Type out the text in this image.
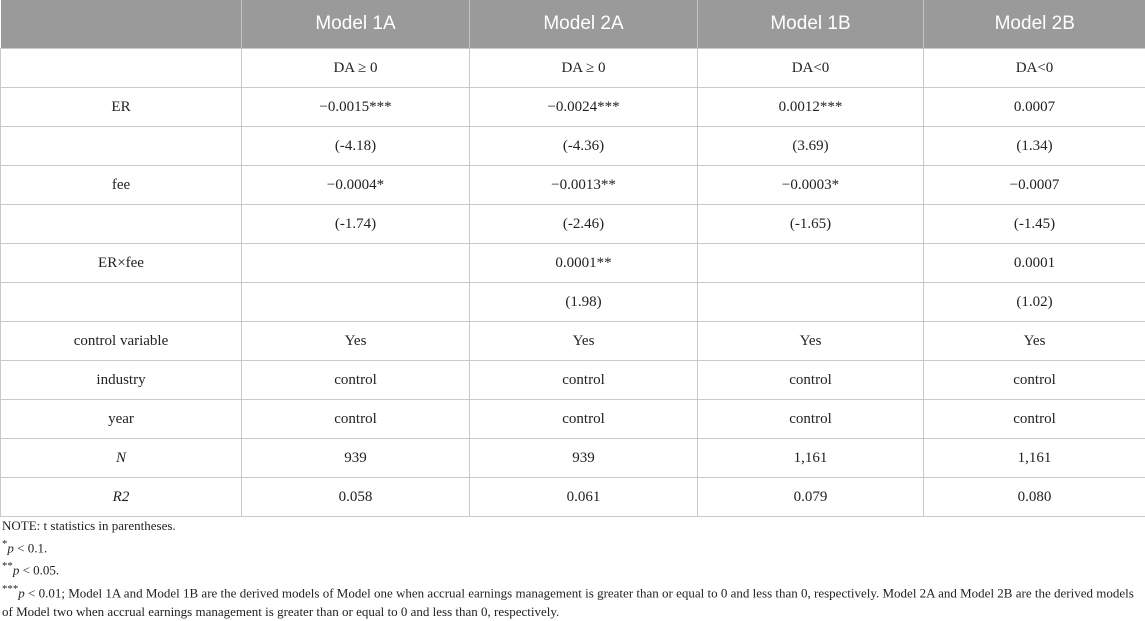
	Model 1A	Model 2A	Model 1B	Model 2B
	DA ≥ 0	DA ≥ 0	DA<0	DA<0
ER	−0.0015***	−0.0024***	0.0012***	0.0007
	(-4.18)	(-4.36)	(3.69)	(1.34)
fee	−0.0004*	−0.0013**	−0.0003*	−0.0007
	(-1.74)	(-2.46)	(-1.65)	(-1.45)
ER×fee		0.0001**		0.0001
		(1.98)		(1.02)
control variable	Yes	Yes	Yes	Yes
industry	control	control	control	control
year	control	control	control	control
N	939	939	1,161	1,161
R2	0.058	0.061	0.079	0.080

NOTE: t statistics in parentheses.

*p < 0.1.

**p < 0.05.

***p < 0.01; Model 1A and Model 1B are the derived models of Model one when accrual earnings management is greater than or equal to 0 and less than 0, respectively. Model 2A and Model 2B are the derived models of Model two when accrual earnings management is greater than or equal to 0 and less than 0, respectively.
